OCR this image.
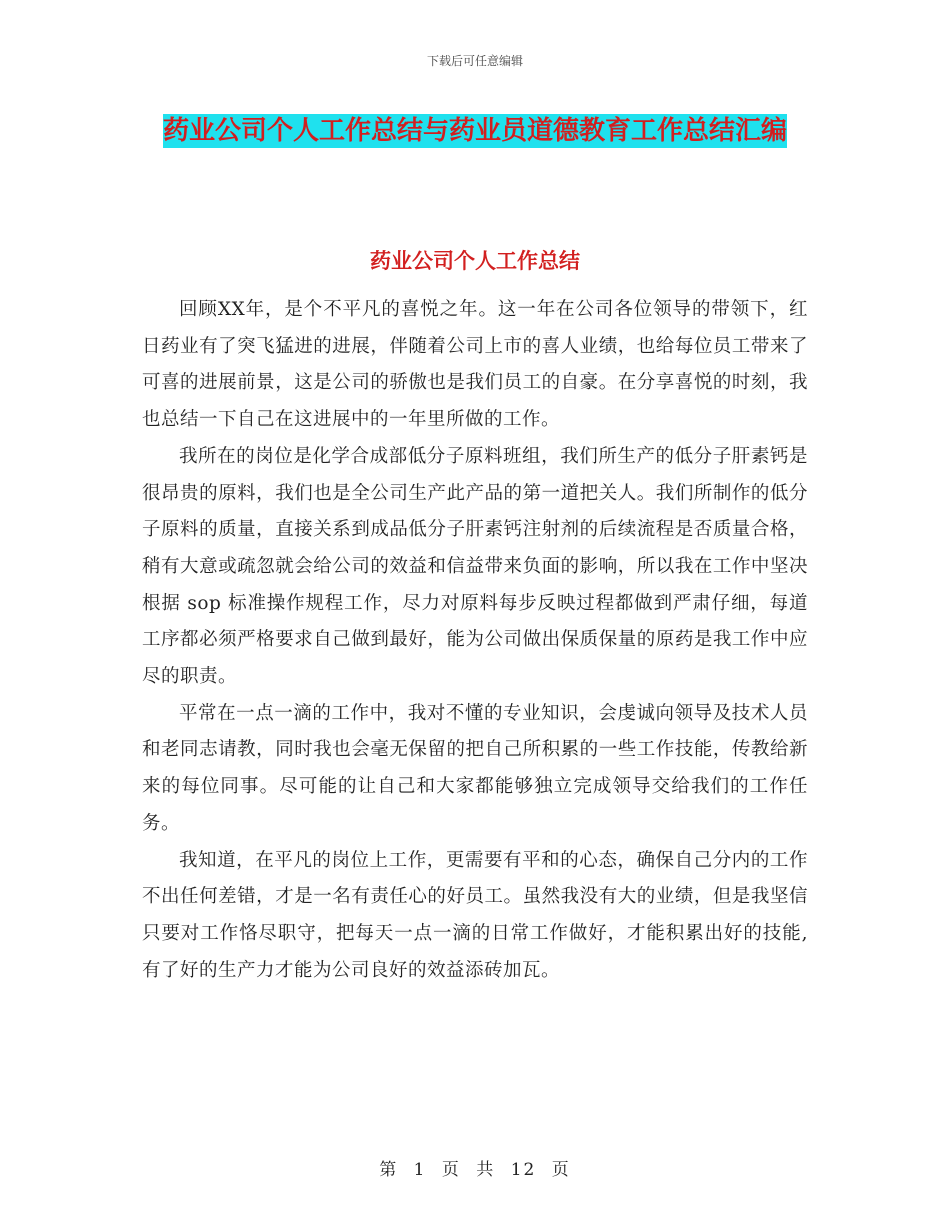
下载后可任意编辑
药业公司个人工作总结与药业员道德教育工作总结汇编
药业公司个人工作总结

回顾XX年，是个不平凡的喜悦之年。这一年在公司各位领导的带领下，红日药业有了突飞猛进的进展，伴随着公司上市的喜人业绩，也给每位员工带来了可喜的进展前景，这是公司的骄傲也是我们员工的自豪。在分享喜悦的时刻，我也总结一下自己在这进展中的一年里所做的工作。

我所在的岗位是化学合成部低分子原料班组，我们所生产的低分子肝素钙是很昂贵的原料，我们也是全公司生产此产品的第一道把关人。我们所制作的低分子原料的质量，直接关系到成品低分子肝素钙注射剂的后续流程是否质量合格，稍有大意或疏忽就会给公司的效益和信益带来负面的影响，所以我在工作中坚决根据 sop 标准操作规程工作，尽力对原料每步反映过程都做到严肃仔细，每道工序都必须严格要求自己做到最好，能为公司做出保质保量的原药是我工作中应尽的职责。

平常在一点一滴的工作中，我对不懂的专业知识，会虔诚向领导及技术人员和老同志请教，同时我也会毫无保留的把自己所积累的一些工作技能，传教给新来的每位同事。尽可能的让自己和大家都能够独立完成领导交给我们的工作任务。

我知道，在平凡的岗位上工作，更需要有平和的心态，确保自己分内的工作不出任何差错，才是一名有责任心的好员工。虽然我没有大的业绩，但是我坚信只要对工作恪尽职守，把每天一点一滴的日常工作做好，才能积累出好的技能,有了好的生产力才能为公司良好的效益添砖加瓦。

第 1 页 共 12 页
